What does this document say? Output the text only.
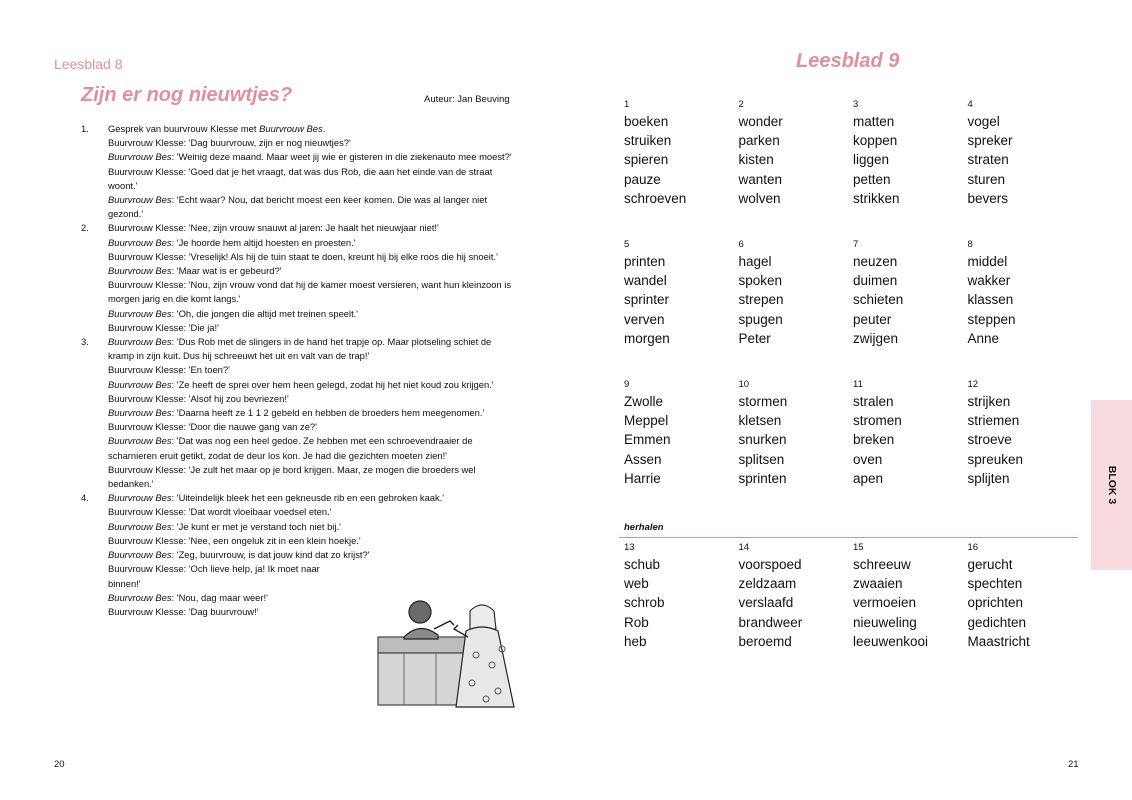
Leesblad 8
Zijn er nog nieuwtjes?	Auteur: Jan Beuving
1. Gesprek van buurvrouw Klesse met Buurvrouw Bes.
Buurvrouw Klesse: 'Dag buurvrouw, zijn er nog nieuwtjes?'
Buurvrouw Bes: 'Weinig deze maand. Maar weet jij wie er gisteren in die ziekenauto mee moest?'
Buurvrouw Klesse: 'Goed dat je het vraagt, dat was dus Rob, die aan het einde van de straat woont.'
Buurvrouw Bes: 'Echt waar? Nou, dat bericht moest een keer komen. Die was al langer niet gezond.'
2. Buurvrouw Klesse: 'Nee, zijn vrouw snauwt al jaren: Je haalt het nieuwjaar niet!'
Buurvrouw Bes: 'Je hoorde hem altijd hoesten en proesten.'
Buurvrouw Klesse: 'Vreselijk! Als hij de tuin staat te doen, kreunt hij bij elke roos die hij snoeit.'
Buurvrouw Bes: 'Maar wat is er gebeurd?'
Buurvrouw Klesse: 'Nou, zijn vrouw vond dat hij de kamer moest versieren, want hun kleinzoon is morgen jarig en die komt langs.'
Buurvrouw Bes: 'Oh, die jongen die altijd met treinen speelt.'
Buurvrouw Klesse: 'Die ja!'
3. Buurvrouw Bes: 'Dus Rob met de slingers in de hand het trapje op. Maar plotseling schiet de kramp in zijn kuit. Dus hij schreeuwt het uit en valt van de trap!'
Buurvrouw Klesse: 'En toen?'
Buurvrouw Bes: 'Ze heeft de sprei over hem heen gelegd, zodat hij het niet koud zou krijgen.'
Buurvrouw Klesse: 'Alsof hij zou bevriezen!'
Buurvrouw Bes: 'Daarna heeft ze 1 1 2 gebeld en hebben de broeders hem meegenomen.'
Buurvrouw Klesse: 'Door die nauwe gang van ze?'
Buurvrouw Bes: 'Dat was nog een heel gedoe. Ze hebben met een schroevendraaier de scharnieren eruit getikt, zodat de deur los kon. Je had die gezichten moeten zien!'
Buurvrouw Klesse: 'Je zult het maar op je bord krijgen. Maar, ze mogen die broeders wel bedanken.'
4. Buurvrouw Bes: 'Uiteindelijk bleek het een gekneusde rib en een gebroken kaak.'
Buurvrouw Klesse: 'Dat wordt vloeibaar voedsel eten.'
Buurvrouw Bes: 'Je kunt er met je verstand toch niet bij.'
Buurvrouw Klesse: 'Nee, een ongeluk zit in een klein hoekje.'
Buurvrouw Bes: 'Zeg, buurvrouw, is dat jouw kind dat zo krijst?'
Buurvrouw Klesse: 'Och lieve help, ja! Ik moet naar binnen!'
Buurvrouw Bes: 'Nou, dag maar weer!'
Buurvrouw Klesse: 'Dag buurvrouw!'
20
Leesblad 9
1
boeken
struiken
spieren
pauze
schroeven
2
wonder
parken
kisten
wanten
wolven
3
matten
koppen
liggen
petten
strikken
4
vogel
spreker
straten
sturen
bevers
5
printen
wandel
sprinter
verven
morgen
6
hagel
spoken
strepen
spugen
Peter
7
neuzen
duimen
schieten
peuter
zwijgen
8
middel
wakker
klassen
steppen
Anne
9
Zwolle
Meppel
Emmen
Assen
Harrie
10
stormen
kletsen
snurken
splitsen
sprinten
11
stralen
stromen
breken
oven
apen
12
strijken
striemen
stroeve
spreuken
splijten
13
schub
web
schrob
Rob
heb
14
voorspoed
zeldzaam
verslaafd
brandweer
beroemd
15
schreeuw
zwaaien
vermoeien
nieuweling
leeuwenkooi
16
gerucht
spechten
oprichten
gedichten
Maastricht
herhalen
BLOK 3
21
